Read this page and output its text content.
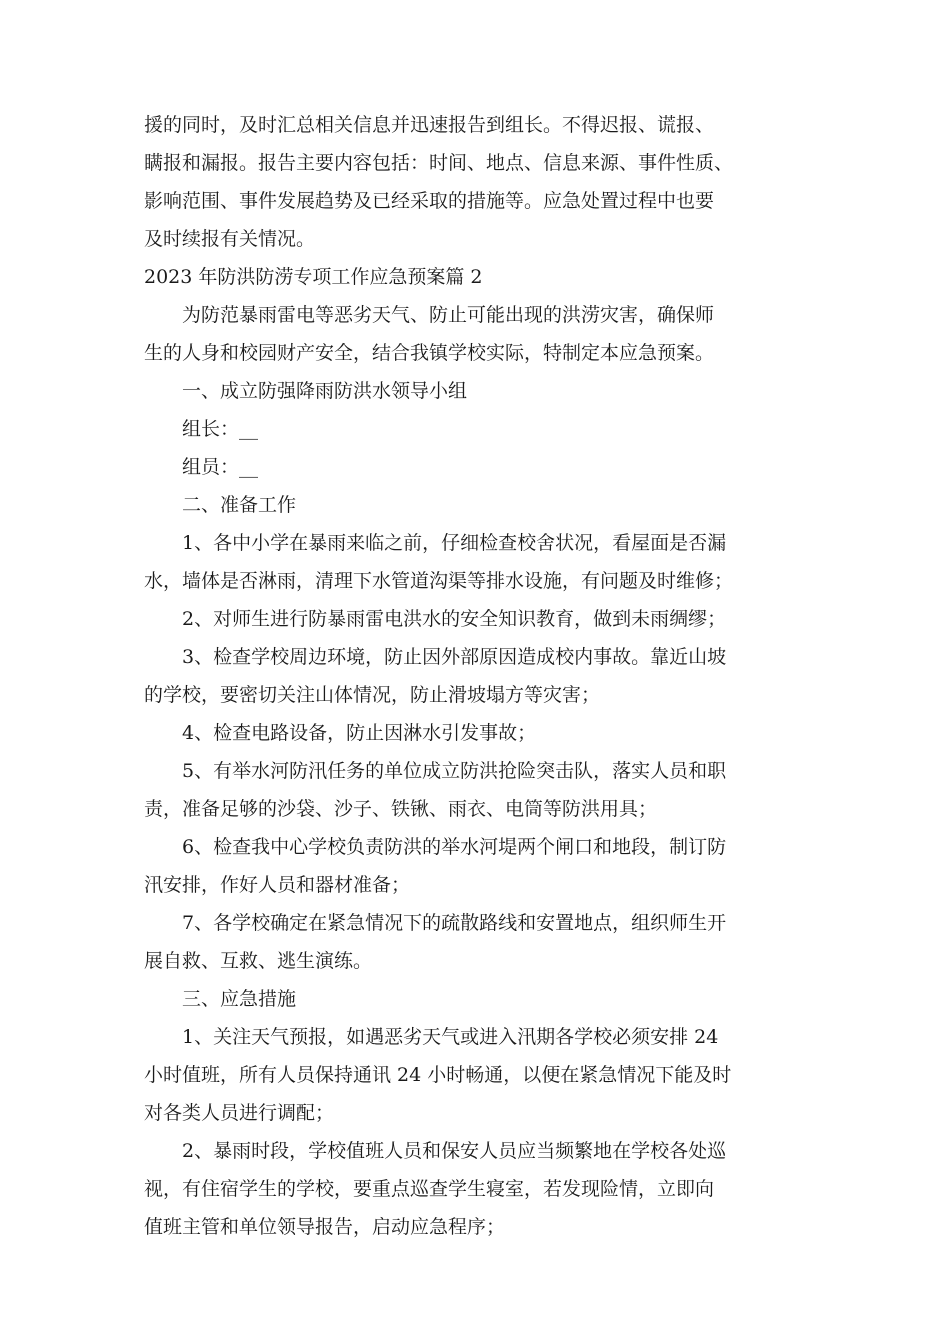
援的同时，及时汇总相关信息并迅速报告到组长。不得迟报、谎报、
瞒报和漏报。报告主要内容包括：时间、地点、信息来源、事件性质、
影响范围、事件发展趋势及已经采取的措施等。应急处置过程中也要
及时续报有关情况。
2023 年防洪防涝专项工作应急预案篇 2
　　为防范暴雨雷电等恶劣天气、防止可能出现的洪涝灾害，确保师
生的人身和校园财产安全，结合我镇学校实际，特制定本应急预案。
　　一、成立防强降雨防洪水领导小组
　　组长：__
　　组员：__
　　二、准备工作
　　1、各中小学在暴雨来临之前，仔细检查校舍状况，看屋面是否漏
水，墙体是否淋雨，清理下水管道沟渠等排水设施，有问题及时维修；
　　2、对师生进行防暴雨雷电洪水的安全知识教育，做到未雨绸缪；
　　3、检查学校周边环境，防止因外部原因造成校内事故。靠近山坡
的学校，要密切关注山体情况，防止滑坡塌方等灾害；
　　4、检查电路设备，防止因淋水引发事故；
　　5、有举水河防汛任务的单位成立防洪抢险突击队，落实人员和职
责，准备足够的沙袋、沙子、铁锹、雨衣、电筒等防洪用具；
　　6、检查我中心学校负责防洪的举水河堤两个闸口和地段，制订防
汛安排，作好人员和器材准备；
　　7、各学校确定在紧急情况下的疏散路线和安置地点，组织师生开
展自救、互救、逃生演练。
　　三、应急措施
　　1、关注天气预报，如遇恶劣天气或进入汛期各学校必须安排 24
小时值班，所有人员保持通讯 24 小时畅通，以便在紧急情况下能及时
对各类人员进行调配；
　　2、暴雨时段，学校值班人员和保安人员应当频繁地在学校各处巡
视，有住宿学生的学校，要重点巡查学生寝室，若发现险情，立即向
值班主管和单位领导报告，启动应急程序；
